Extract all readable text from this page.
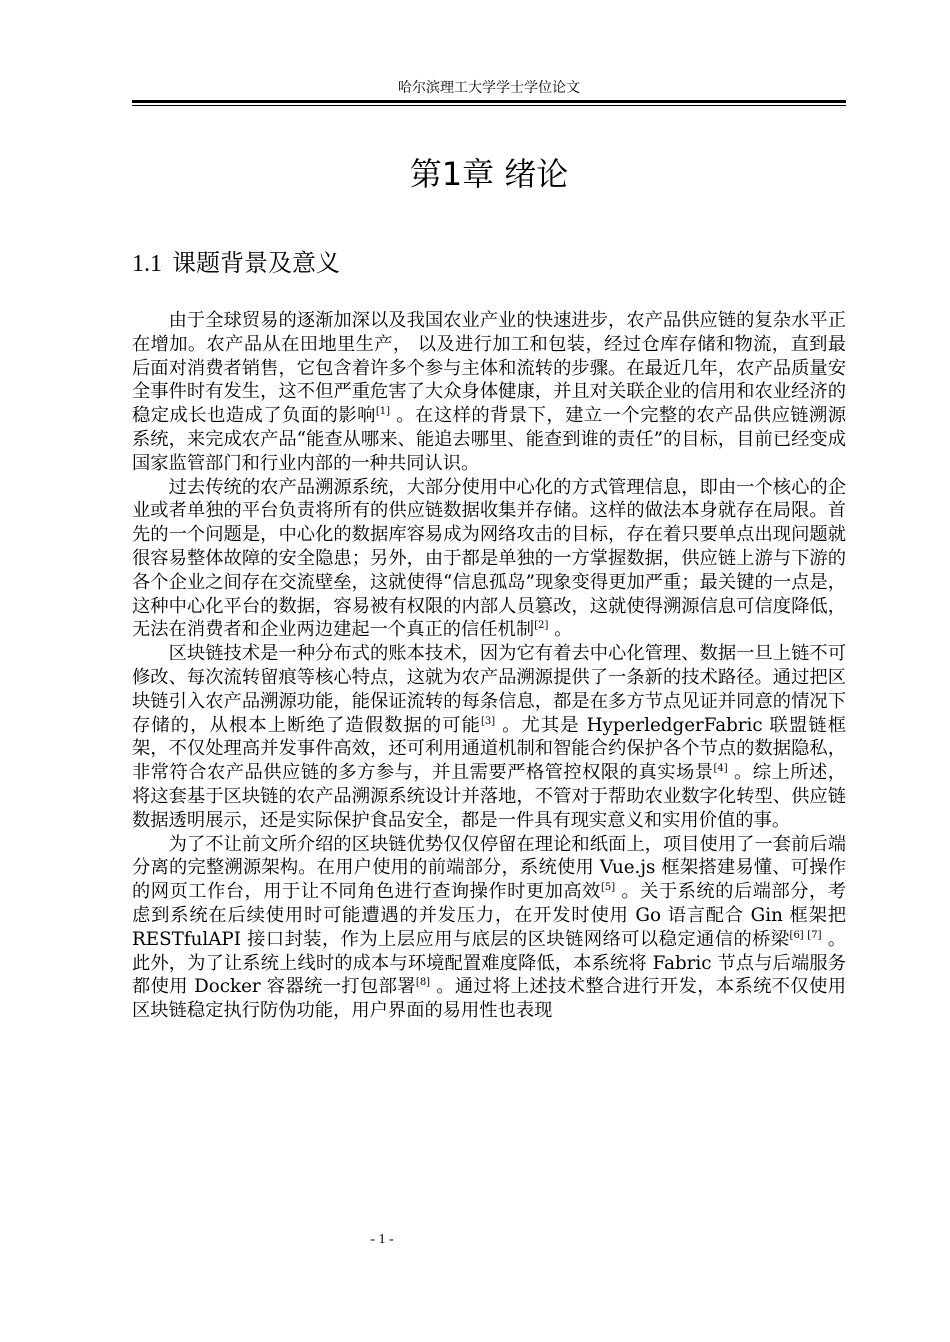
哈尔滨理工大学学士学位论文
第1章 绪论
1.1 课题背景及意义

由于全球贸易的逐渐加深以及我国农业产业的快速进步，农产品供应链的复杂水平正在增加。农产品从在田地里生产， 以及进行加工和包装，经过仓库存储和物流，直到最后面对消费者销售，它包含着许多个参与主体和流转的步骤。在最近几年，农产品质量安全事件时有发生，这不但严重危害了大众身体健康，并且对关联企业的信用和农业经济的稳定成长也造成了负面的影响[1] 。在这样的背景下，建立一个完整的农产品供应链溯源系统，来完成农产品“能查从哪来、能追去哪里、能查到谁的责任”的目标，目前已经变成国家监管部门和行业内部的一种共同认识。

过去传统的农产品溯源系统，大部分使用中心化的方式管理信息，即由一个核心的企业或者单独的平台负责将所有的供应链数据收集并存储。这样的做法本身就存在局限。首先的一个问题是，中心化的数据库容易成为网络攻击的目标，存在着只要单点出现问题就很容易整体故障的安全隐患；另外，由于都是单独的一方掌握数据，供应链上游与下游的各个企业之间存在交流壁垒，这就使得“信息孤岛”现象变得更加严重；最关键的一点是，这种中心化平台的数据，容易被有权限的内部人员篡改，这就使得溯源信息可信度降低，无法在消费者和企业两边建起一个真正的信任机制[2] 。

区块链技术是一种分布式的账本技术，因为它有着去中心化管理、数据一旦上链不可修改、每次流转留痕等核心特点，这就为农产品溯源提供了一条新的技术路径。通过把区块链引入农产品溯源功能，能保证流转的每条信息，都是在多方节点见证并同意的情况下存储的，从根本上断绝了造假数据的可能[3] 。尤其是 HyperledgerFabric 联盟链框架，不仅处理高并发事件高效，还可利用通道机制和智能合约保护各个节点的数据隐私，非常符合农产品供应链的多方参与，并且需要严格管控权限的真实场景[4] 。综上所述，将这套基于区块链的农产品溯源系统设计并落地，不管对于帮助农业数字化转型、供应链数据透明展示，还是实际保护食品安全，都是一件具有现实意义和实用价值的事。

为了不让前文所介绍的区块链优势仅仅停留在理论和纸面上，项目使用了一套前后端分离的完整溯源架构。在用户使用的前端部分，系统使用 Vue.js 框架搭建易懂、可操作的网页工作台，用于让不同角色进行查询操作时更加高效[5] 。关于系统的后端部分，考虑到系统在后续使用时可能遭遇的并发压力，在开发时使用 Go 语言配合 Gin 框架把 RESTfulAPI 接口封装，作为上层应用与底层的区块链网络可以稳定通信的桥梁[6] [7] 。此外，为了让系统上线时的成本与环境配置难度降低，本系统将 Fabric 节点与后端服务都使用 Docker 容器统一打包部署[8] 。通过将上述技术整合进行开发，本系统不仅使用区块链稳定执行防伪功能，用户界面的易用性也表现

- 1 -
